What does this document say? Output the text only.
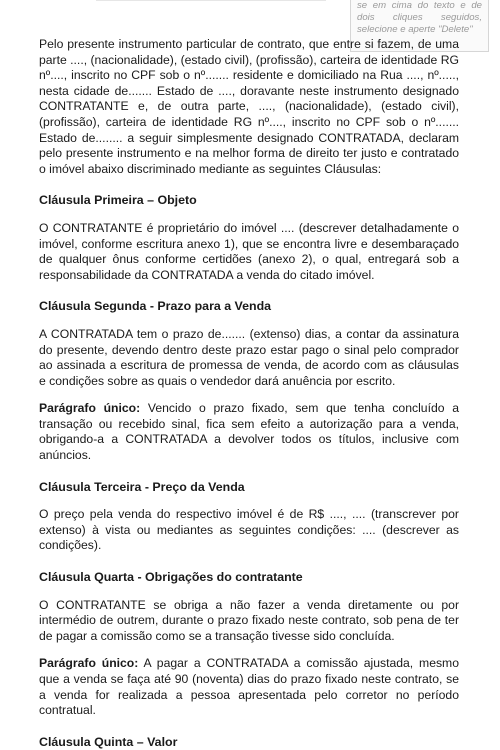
se em cima do texto e de dois cliques seguidos, selecione e aperte "Delete"

Pelo presente instrumento particular de contrato, que entre si fazem, de uma parte ...., (nacionalidade), (estado civil), (profissão), carteira de identidade RG nº...., inscrito no CPF sob o nº....... residente e domiciliado na Rua ...., nº....., nesta cidade de....... Estado de ...., doravante neste instrumento designado CONTRATANTE e, de outra parte, ...., (nacionalidade), (estado civil), (profissão), carteira de identidade RG nº...., inscrito no CPF sob o nº....... Estado de........ a seguir simplesmente designado CONTRATADA, declaram pelo presente instrumento e na melhor forma de direito ter justo e contratado o imóvel abaixo discriminado mediante as seguintes Cláusulas:

Cláusula Primeira – Objeto

O CONTRATANTE é proprietário do imóvel .... (descrever detalhadamente o imóvel, conforme escritura anexo 1), que se encontra livre e desembaraçado de qualquer ônus conforme certidões (anexo 2), o qual, entregará sob a responsabilidade da CONTRATADA a venda do citado imóvel.

Cláusula Segunda - Prazo para a Venda

A CONTRATADA tem o prazo de....... (extenso) dias, a contar da assinatura do presente, devendo dentro deste prazo estar pago o sinal pelo comprador ao assinada a escritura de promessa de venda, de acordo com as cláusulas e condições sobre as quais o vendedor dará anuência por escrito.

Parágrafo único: Vencido o prazo fixado, sem que tenha concluído a transação ou recebido sinal, fica sem efeito a autorização para a venda, obrigando-a a CONTRATADA a devolver todos os títulos, inclusive com anúncios.

Cláusula Terceira - Preço da Venda

O preço pela venda do respectivo imóvel é de R$ ...., .... (transcrever por extenso) à vista ou mediantes as seguintes condições: .... (descrever as condições).

Cláusula Quarta - Obrigações do contratante

O CONTRATANTE se obriga a não fazer a venda diretamente ou por intermédio de outrem, durante o prazo fixado neste contrato, sob pena de ter de pagar a comissão como se a transação tivesse sido concluída.

Parágrafo único: A pagar a CONTRATADA a comissão ajustada, mesmo que a venda se faça até 90 (noventa) dias do prazo fixado neste contrato, se a venda for realizada a pessoa apresentada pelo corretor no período contratual.

Cláusula Quinta – Valor
